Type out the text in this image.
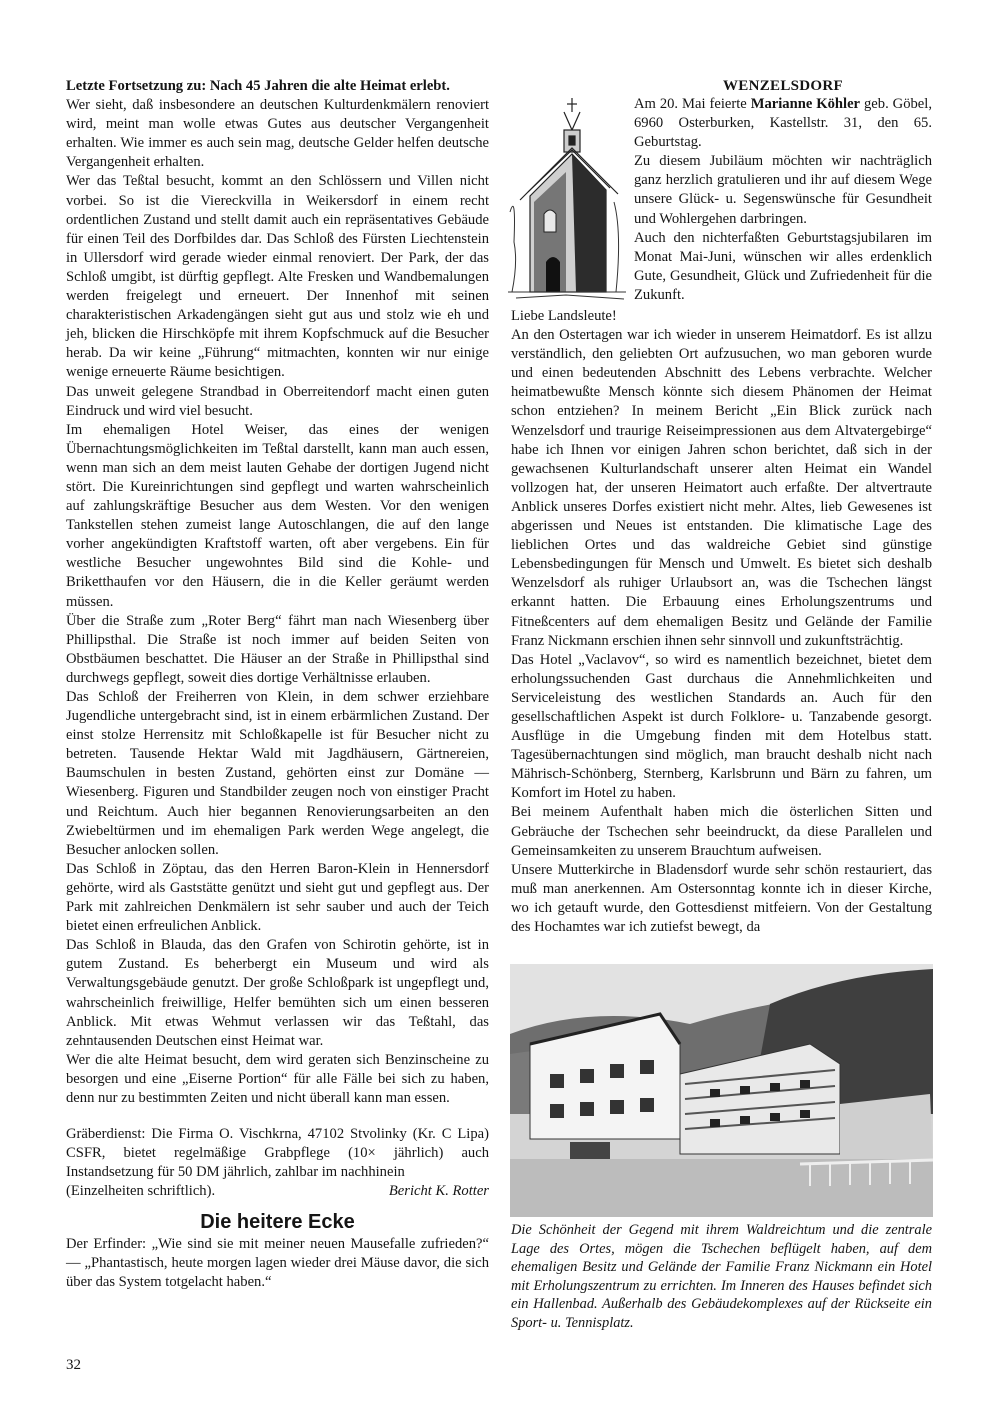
Letzte Fortsetzung zu: Nach 45 Jahren die alte Heimat erlebt.

Wer sieht, daß insbesondere an deutschen Kulturdenkmälern renoviert wird, meint man wolle etwas Gutes aus deutscher Vergangenheit erhalten. Wie immer es auch sein mag, deutsche Gelder helfen deutsche Vergangenheit erhalten.

Wer das Teßtal besucht, kommt an den Schlössern und Villen nicht vorbei. So ist die Viereckvilla in Weikersdorf in einem recht ordentlichen Zustand und stellt damit auch ein repräsentatives Gebäude für einen Teil des Dorfbildes dar. Das Schloß des Fürsten Liechtenstein in Ullersdorf wird gerade wieder einmal renoviert. Der Park, der das Schloß umgibt, ist dürftig gepflegt. Alte Fresken und Wandbemalungen werden freigelegt und erneuert. Der Innenhof mit seinen charakteristischen Arkadengängen sieht gut aus und stolz wie eh und jeh, blicken die Hirschköpfe mit ihrem Kopfschmuck auf die Besucher herab. Da wir keine „Führung“ mitmachten, konnten wir nur einige wenige erneuerte Räume besichtigen.

Das unweit gelegene Strandbad in Oberreitendorf macht einen guten Eindruck und wird viel besucht.

Im ehemaligen Hotel Weiser, das eines der wenigen Übernachtungsmöglichkeiten im Teßtal darstellt, kann man auch essen, wenn man sich an dem meist lauten Gehabe der dortigen Jugend nicht stört. Die Kureinrichtungen sind gepflegt und warten wahrscheinlich auf zahlungskräftige Besucher aus dem Westen. Vor den wenigen Tankstellen stehen zumeist lange Autoschlangen, die auf den lange vorher angekündigten Kraftstoff warten, oft aber vergebens. Ein für westliche Besucher ungewohntes Bild sind die Kohle- und Briketthaufen vor den Häusern, die in die Keller geräumt werden müssen.

Über die Straße zum „Roter Berg“ fährt man nach Wiesenberg über Phillipsthal. Die Straße ist noch immer auf beiden Seiten von Obstbäumen beschattet. Die Häuser an der Straße in Phillipsthal sind durchwegs gepflegt, soweit dies dortige Verhältnisse erlauben.

Das Schloß der Freiherren von Klein, in dem schwer erziehbare Jugendliche untergebracht sind, ist in einem erbärmlichen Zustand. Der einst stolze Herrensitz mit Schloßkapelle ist für Besucher nicht zu betreten. Tausende Hektar Wald mit Jagdhäusern, Gärtnereien, Baumschulen in besten Zustand, gehörten einst zur Domäne — Wiesenberg. Figuren und Standbilder zeugen noch von einstiger Pracht und Reichtum. Auch hier begannen Renovierungsarbeiten an den Zwiebeltürmen und im ehemaligen Park werden Wege angelegt, die Besucher anlocken sollen.

Das Schloß in Zöptau, das den Herren Baron-Klein in Hennersdorf gehörte, wird als Gaststätte genützt und sieht gut und gepflegt aus. Der Park mit zahlreichen Denkmälern ist sehr sauber und auch der Teich bietet einen erfreulichen Anblick.

Das Schloß in Blauda, das den Grafen von Schirotin gehörte, ist in gutem Zustand. Es beherbergt ein Museum und wird als Verwaltungsgebäude genutzt. Der große Schloßpark ist ungepflegt und, wahrscheinlich freiwillige, Helfer bemühten sich um einen besseren Anblick. Mit etwas Wehmut verlassen wir das Teßtahl, das zehntausenden Deutschen einst Heimat war.

Wer die alte Heimat besucht, dem wird geraten sich Benzinscheine zu besorgen und eine „Eiserne Portion“ für alle Fälle bei sich zu haben, denn nur zu bestimmten Zeiten und nicht überall kann man essen.

Gräberdienst: Die Firma O. Vischkrna, 47102 Stvolinky (Kr. C Lipa) CSFR, bietet regelmäßige Grabpflege (10× jährlich) auch Instandsetzung für 50 DM jährlich, zahlbar im nachhinein
(Einzelheiten schriftlich).	Bericht K. Rotter

Die heitere Ecke

Der Erfinder: „Wie sind sie mit meiner neuen Mausefalle zufrieden?“ — „Phantastisch, heute morgen lagen wieder drei Mäuse davor, die sich über das System totgelacht haben.“

WENZELSDORF

Am 20. Mai feierte Marianne Köhler geb. Göbel, 6960 Osterburken, Kastellstr. 31, den 65. Geburtstag.

Zu diesem Jubiläum möchten wir nachträglich ganz herzlich gratulieren und ihr auf diesem Wege unsere Glück- u. Segenswünsche für Gesundheit und Wohlergehen darbringen.

Auch den nichterfaßten Geburtstagsjubilaren im Monat Mai-Juni, wünschen wir alles erdenklich Gute, Gesundheit, Glück und Zufriedenheit für die Zukunft.

Liebe Landsleute!

An den Ostertagen war ich wieder in unserem Heimatdorf. Es ist allzu verständlich, den geliebten Ort aufzusuchen, wo man geboren wurde und einen bedeutenden Abschnitt des Lebens verbrachte. Welcher heimatbewußte Mensch könnte sich diesem Phänomen der Heimat schon entziehen? In meinem Bericht „Ein Blick zurück nach Wenzelsdorf und traurige Reiseimpressionen aus dem Altvatergebirge“ habe ich Ihnen vor einigen Jahren schon berichtet, daß sich in der gewachsenen Kulturlandschaft unserer alten Heimat ein Wandel vollzogen hat, der unseren Heimatort auch erfaßte. Der altvertraute Anblick unseres Dorfes existiert nicht mehr. Altes, lieb Gewesenes ist abgerissen und Neues ist entstanden. Die klimatische Lage des lieblichen Ortes und das waldreiche Gebiet sind günstige Lebensbedingungen für Mensch und Umwelt. Es bietet sich deshalb Wenzelsdorf als ruhiger Urlaubsort an, was die Tschechen längst erkannt hatten. Die Erbauung eines Erholungszentrums und Fitneßcenters auf dem ehemaligen Besitz und Gelände der Familie Franz Nickmann erschien ihnen sehr sinnvoll und zukunftsträchtig.

Das Hotel „Vaclavov“, so wird es namentlich bezeichnet, bietet dem erholungssuchenden Gast durchaus die Annehmlichkeiten und Serviceleistung des westlichen Standards an. Auch für den gesellschaftlichen Aspekt ist durch Folklore- u. Tanzabende gesorgt. Ausflüge in die Umgebung finden mit dem Hotelbus statt. Tagesübernachtungen sind möglich, man braucht deshalb nicht nach Mährisch-Schönberg, Sternberg, Karlsbrunn und Bärn zu fahren, um Komfort im Hotel zu haben.

Bei meinem Aufenthalt haben mich die österlichen Sitten und Gebräuche der Tschechen sehr beeindruckt, da diese Parallelen und Gemeinsamkeiten zu unserem Brauchtum aufweisen.

Unsere Mutterkirche in Bladensdorf wurde sehr schön restauriert, das muß man anerkennen. Am Ostersonntag konnte ich in dieser Kirche, wo ich getauft wurde, den Gottesdienst mitfeiern. Von der Gestaltung des Hochamtes war ich zutiefst bewegt, da

Die Schönheit der Gegend mit ihrem Waldreichtum und die zentrale Lage des Ortes, mögen die Tschechen beflügelt haben, auf dem ehemaligen Besitz und Gelände der Familie Franz Nickmann ein Hotel mit Erholungszentrum zu errichten. Im Inneren des Hauses befindet sich ein Hallenbad. Außerhalb des Gebäudekomplexes auf der Rückseite ein Sport- u. Tennisplatz.
32
